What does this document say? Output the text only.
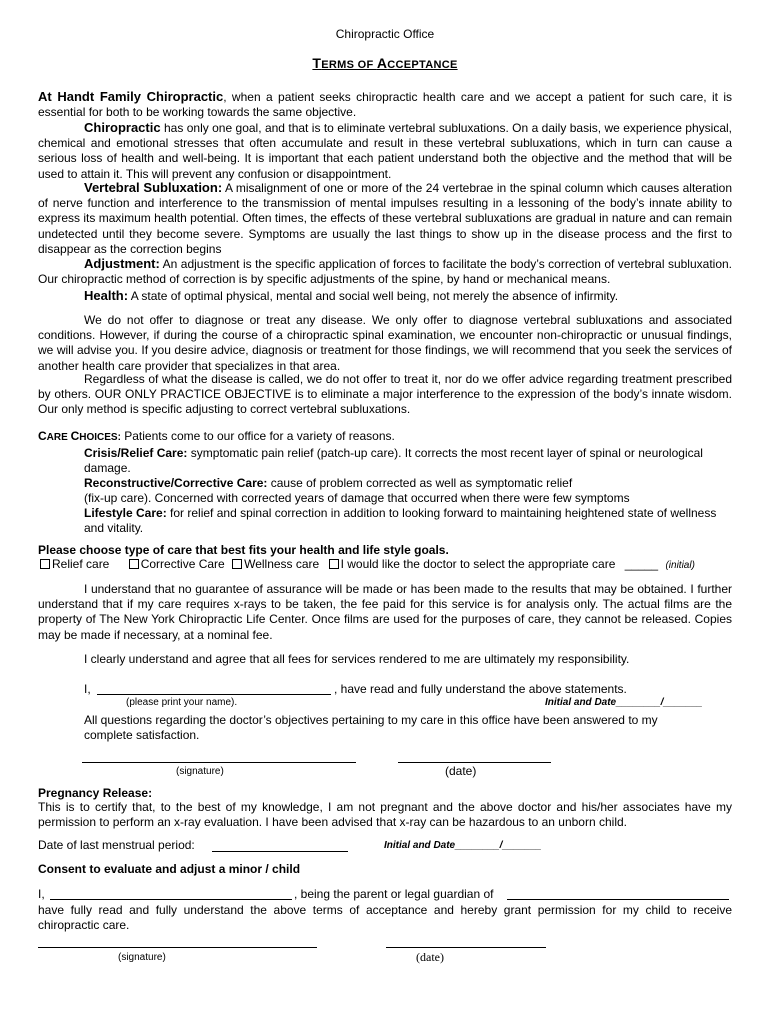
Chiropractic Office
TERMS OF ACCEPTANCE
At Handt Family Chiropractic, when a patient seeks chiropractic health care and we accept a patient for such care, it is essential for both to be working towards the same objective.
Chiropractic has only one goal, and that is to eliminate vertebral subluxations. On a daily basis, we experience physical, chemical and emotional stresses that often accumulate and result in these vertebral subluxations, which in turn can cause a serious loss of health and well-being. It is important that each patient understand both the objective and the method that will be used to attain it. This will prevent any confusion or disappointment.
Vertebral Subluxation: A misalignment of one or more of the 24 vertebrae in the spinal column which causes alteration of nerve function and interference to the transmission of mental impulses resulting in a lessoning of the body’s innate ability to express its maximum health potential. Often times, the effects of these vertebral subluxations are gradual in nature and can remain undetected until they become severe. Symptoms are usually the last things to show up in the disease process and the first to disappear as the correction begins
Adjustment: An adjustment is the specific application of forces to facilitate the body’s correction of vertebral subluxation. Our chiropractic method of correction is by specific adjustments of the spine, by hand or mechanical means.
Health: A state of optimal physical, mental and social well being, not merely the absence of infirmity.
We do not offer to diagnose or treat any disease. We only offer to diagnose vertebral subluxations and associated conditions. However, if during the course of a chiropractic spinal examination, we encounter non-chiropractic or unusual findings, we will advise you. If you desire advice, diagnosis or treatment for those findings, we will recommend that you seek the services of another health care provider that specializes in that area.
Regardless of what the disease is called, we do not offer to treat it, nor do we offer advice regarding treatment prescribed by others. OUR ONLY PRACTICE OBJECTIVE is to eliminate a major interference to the expression of the body’s innate wisdom. Our only method is specific adjusting to correct vertebral subluxations.
CARE CHOICES: Patients come to our office for a variety of reasons.
Crisis/Relief Care: symptomatic pain relief (patch-up care). It corrects the most recent layer of spinal or neurological damage.
Reconstructive/Corrective Care: cause of problem corrected as well as symptomatic relief
(fix-up care). Concerned with corrected years of damage that occurred when there were few symptoms
Lifestyle Care: for relief and spinal correction in addition to looking forward to maintaining heightened state of wellness and vitality.
Please choose type of care that best fits your health and life style goals.
Relief care	Corrective Care Wellness care I would like the doctor to select the appropriate care _____ (initial)
I understand that no guarantee of assurance will be made or has been made to the results that may be obtained. I further understand that if my care requires x-rays to be taken, the fee paid for this service is for analysis only. The actual films are the property of The New York Chiropractic Life Center. Once films are used for the purposes of care, they cannot be released. Copies may be made if necessary, at a nominal fee.
I clearly understand and agree that all fees for services rendered to me are ultimately my responsibility.
I,	, have read and fully understand the above statements.
(please print your name).	Initial and Date________/_______
All questions regarding the doctor’s objectives pertaining to my care in this office have been answered to my complete satisfaction.
(signature)	(date)
Pregnancy Release:
This is to certify that, to the best of my knowledge, I am not pregnant and the above doctor and his/her associates have my permission to perform an x-ray evaluation. I have been advised that x-ray can be hazardous to an unborn child.
Date of last menstrual period:	Initial and Date________/_______
Consent to evaluate and adjust a minor / child
I,	, being the parent or legal guardian of
have fully read and fully understand the above terms of acceptance and hereby grant permission for my child to receive chiropractic care.
(signature)	(date)
